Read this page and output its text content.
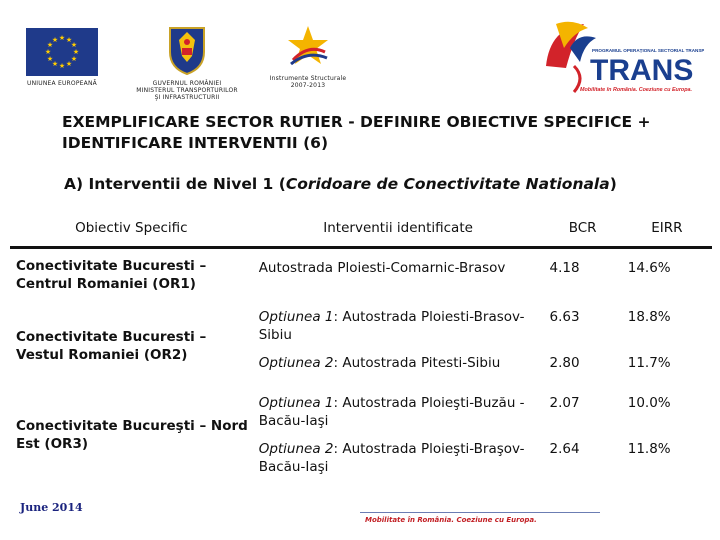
★ ★
★
★
★
★
★
★
★
★
★
★
UNIUNEA EUROPEANĂ	GUVERNUL ROMÂNIEI
MINISTERUL TRANSPORTURILOR
ŞI INFRASTRUCTURII
Instrumente Structurale
2007-2013
PROGRAMUL OPERAȚIONAL SECTORIAL TRANSPORT
TRANS
Mobilitate în România. Coeziune cu Europa.
EXEMPLIFICARE SECTOR RUTIER - DEFINIRE OBIECTIVE SPECIFICE +
IDENTIFICARE INTERVENTII (6)
A) Interventii de Nivel 1 (Coridoare de Conectivitate Nationala)
Obiectiv Specific	Interventii identificate	BCR	EIRR
Conectivitate Bucuresti – Centrul Romaniei (OR1)	Autostrada Ploiesti-Comarnic-Brasov	4.18	14.6%
Conectivitate Bucuresti – Vestul Romaniei (OR2)	Optiunea 1: Autostrada Ploiesti-Brasov-Sibiu	6.63	18.8%
	Optiunea 2: Autostrada Pitesti-Sibiu	2.80	11.7%
Conectivitate Bucureşti – Nord Est (OR3)	Optiunea 1: Autostrada Ploieşti-Buzău -Bacău-Iaşi	2.07	10.0%
	Optiunea 2: Autostrada Ploieşti-Braşov-Bacău-Iaşi	2.64	11.8%
June 2014
Mobilitate în România. Coeziune cu Europa.
